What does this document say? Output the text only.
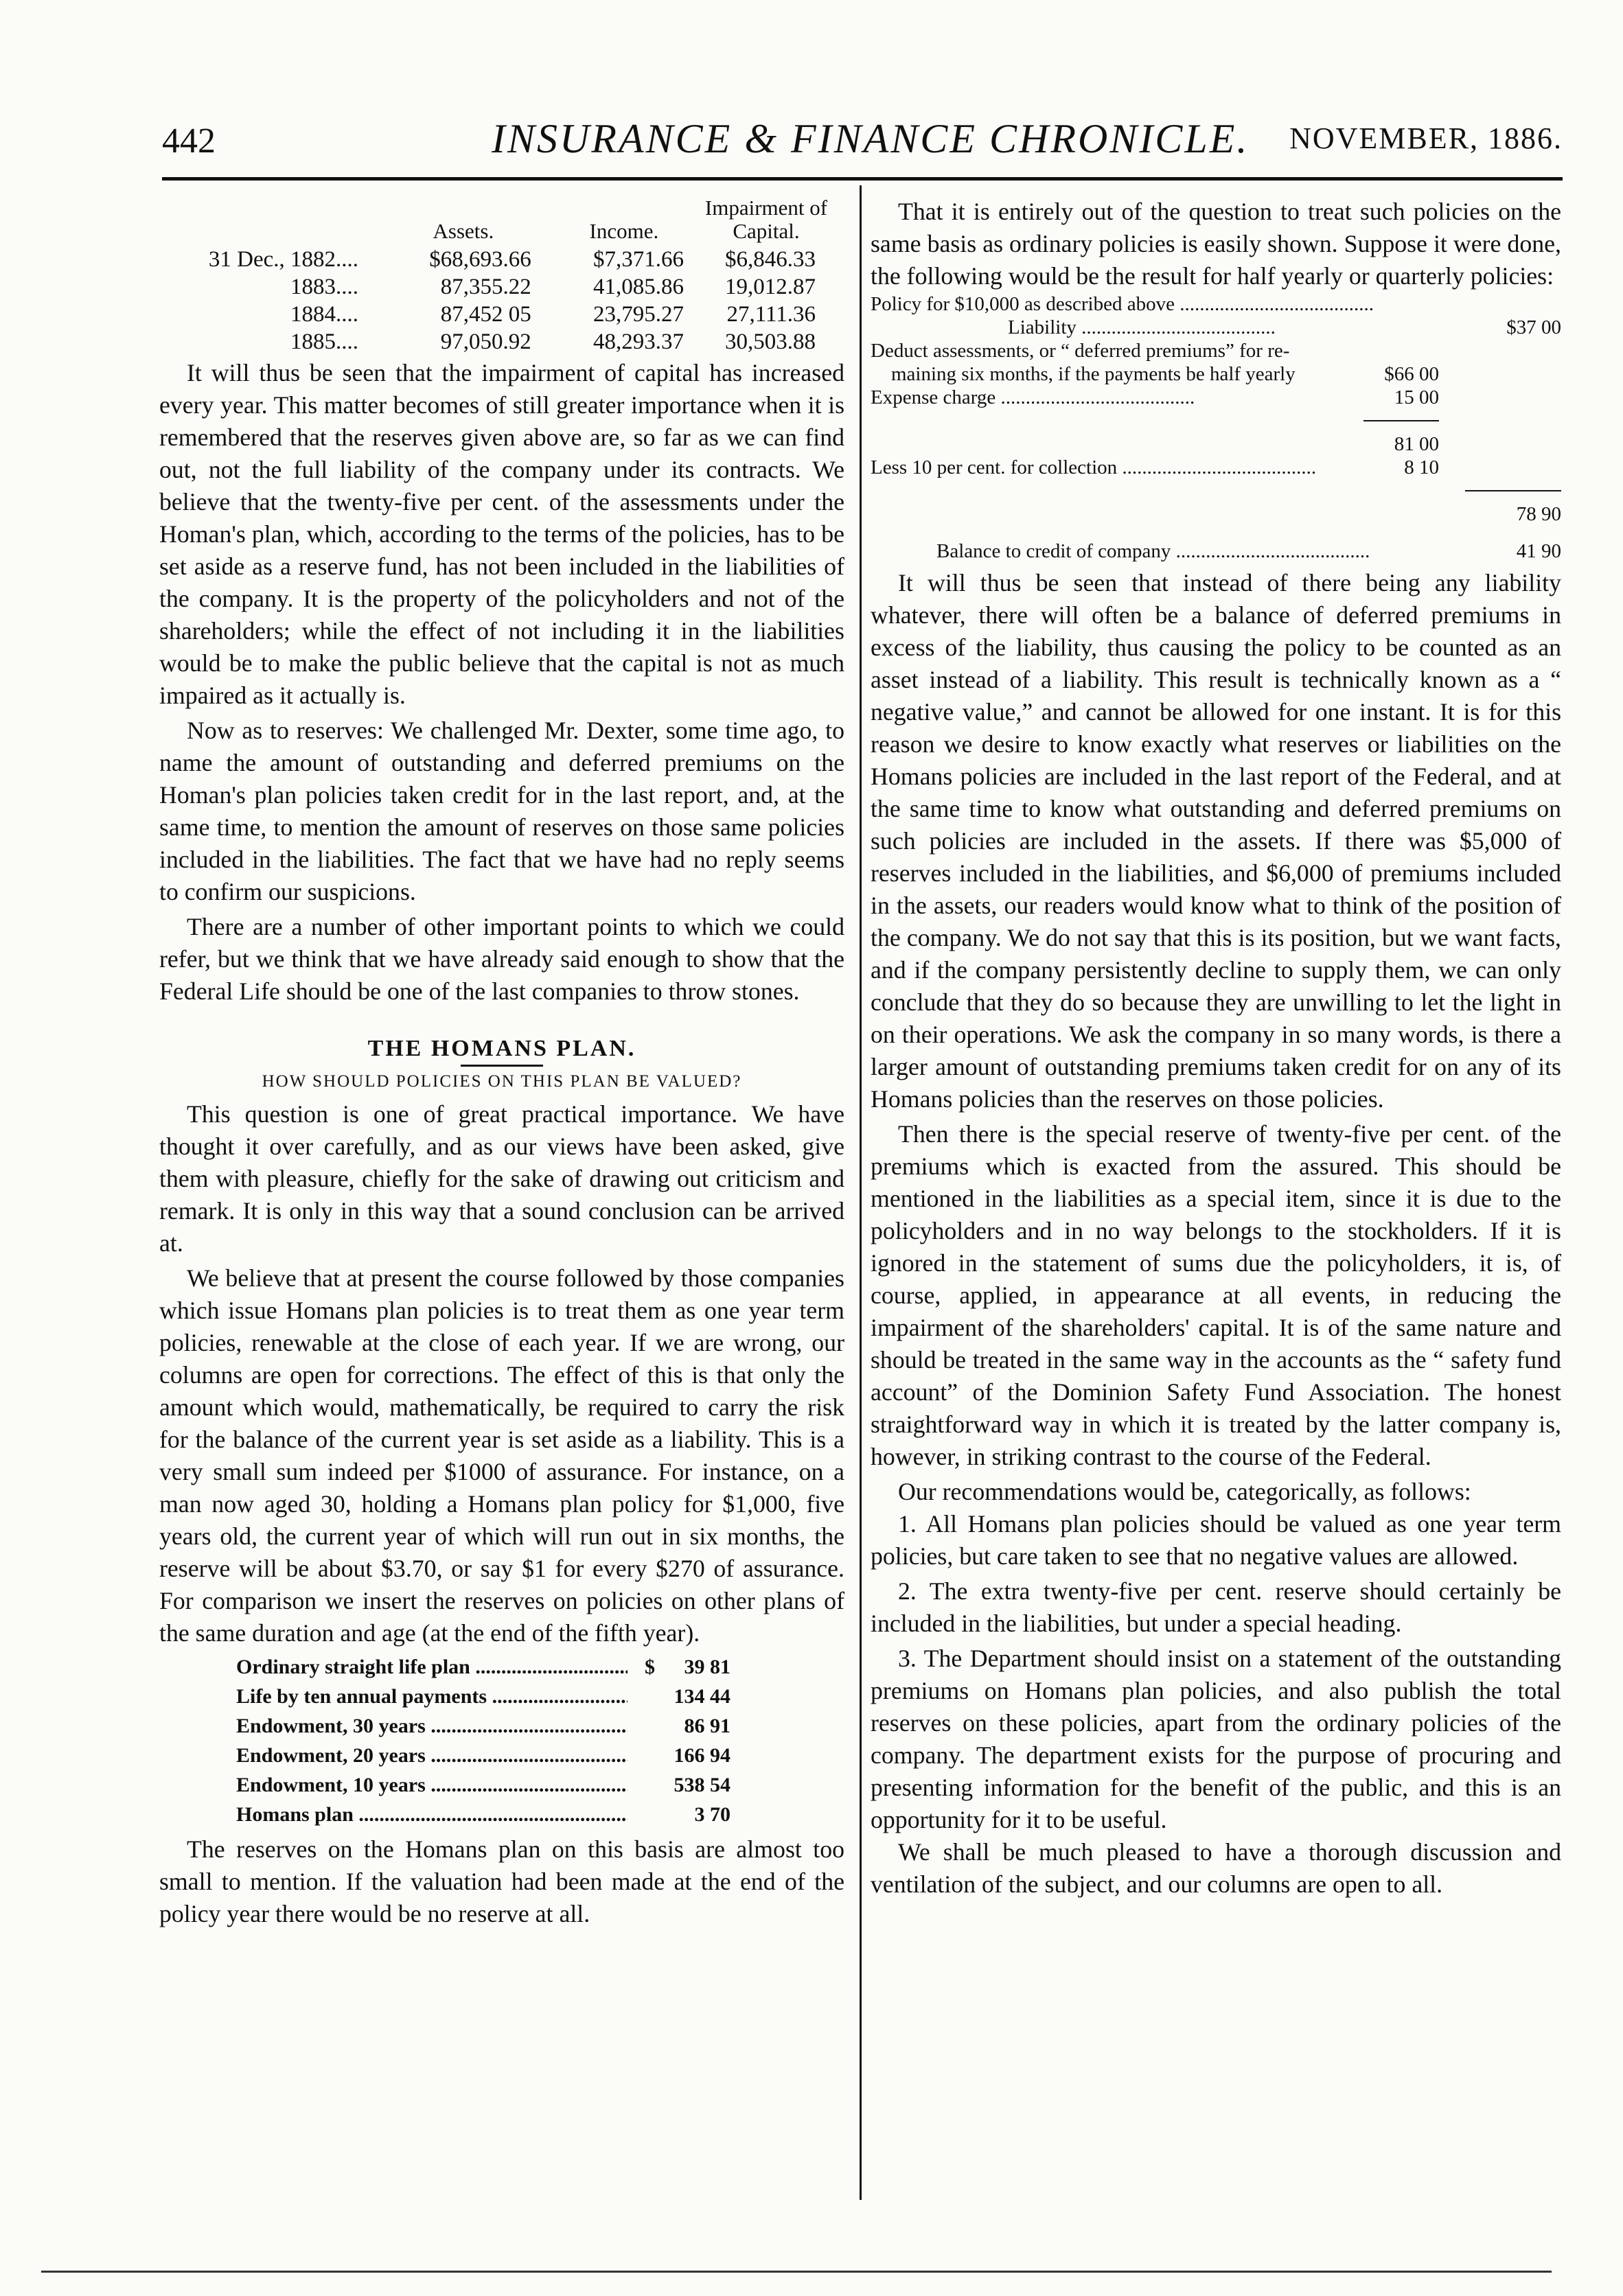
442	INSURANCE & FINANCE CHRONICLE. NOVEMBER, 1886.
	Assets.	Income.	Impairment of Capital.
31 Dec., 1882....	$68,693.66	$7,371.66	$6,846.33
1883....	87,355.22	41,085.86	19,012.87
1884....	87,452 05	23,795.27	27,111.36
1885....	97,050.92	48,293.37	30,503.88

It will thus be seen that the impairment of capital has increased every year. This matter becomes of still greater importance when it is remembered that the reserves given above are, so far as we can find out, not the full liability of the company under its contracts. We believe that the twenty-five per cent. of the assessments under the Homan's plan, which, according to the terms of the policies, has to be set aside as a reserve fund, has not been included in the liabilities of the company. It is the property of the policyholders and not of the shareholders; while the effect of not including it in the liabilities would be to make the public believe that the capital is not as much impaired as it actually is.

Now as to reserves: We challenged Mr. Dexter, some time ago, to name the amount of outstanding and deferred premiums on the Homan's plan policies taken credit for in the last report, and, at the same time, to mention the amount of reserves on those same policies included in the liabilities. The fact that we have had no reply seems to confirm our suspicions.

There are a number of other important points to which we could refer, but we think that we have already said enough to show that the Federal Life should be one of the last companies to throw stones.

THE HOMANS PLAN.
HOW SHOULD POLICIES ON THIS PLAN BE VALUED?

This question is one of great practical importance. We have thought it over carefully, and as our views have been asked, give them with pleasure, chiefly for the sake of drawing out criticism and remark. It is only in this way that a sound conclusion can be arrived at.

We believe that at present the course followed by those companies which issue Homans plan policies is to treat them as one year term policies, renewable at the close of each year. If we are wrong, our columns are open for corrections. The effect of this is that only the amount which would, mathematically, be required to carry the risk for the balance of the current year is set aside as a liability. This is a very small sum indeed per $1000 of assurance. For instance, on a man now aged 30, holding a Homans plan policy for $1,000, five years old, the current year of which will run out in six months, the reserve will be about $3.70, or say $1 for every $270 of assurance. For comparison we insert the reserves on policies on other plans of the same duration and age (at the end of the fifth year).

Ordinary straight life plan .....	$	39 81
Life by ten annual payments .....	134 44
Endowment, 30 years .....	86 91
Endowment, 20 years .....	166 94
Endowment, 10 years .....	538 54
Homans plan .....	3 70

The reserves on the Homans plan on this basis are almost too small to mention. If the valuation had been made at the end of the policy year there would be no reserve at all.

That it is entirely out of the question to treat such policies on the same basis as ordinary policies is easily shown. Suppose it were done, the following would be the result for half yearly or quarterly policies:

Policy for $10,000 as described above .....
Liability .....	$37 00
Deduct assessments, or “ deferred premiums” for re-
maining six months, if the payments be half yearly	$66 00
Expense charge .....	15 00
81 00
Less 10 per cent. for collection .....	8 10
78 90
Balance to credit of company .....	41 90

It will thus be seen that instead of there being any liability whatever, there will often be a balance of deferred premiums in excess of the liability, thus causing the policy to be counted as an asset instead of a liability. This result is technically known as a “ negative value,” and cannot be allowed for one instant. It is for this reason we desire to know exactly what reserves or liabilities on the Homans policies are included in the last report of the Federal, and at the same time to know what outstanding and deferred premiums on such policies are included in the assets. If there was $5,000 of reserves included in the liabilities, and $6,000 of premiums included in the assets, our readers would know what to think of the position of the company. We do not say that this is its position, but we want facts, and if the company persistently decline to supply them, we can only conclude that they do so because they are unwilling to let the light in on their operations. We ask the company in so many words, is there a larger amount of outstanding premiums taken credit for on any of its Homans policies than the reserves on those policies.

Then there is the special reserve of twenty-five per cent. of the premiums which is exacted from the assured. This should be mentioned in the liabilities as a special item, since it is due to the policyholders and in no way belongs to the stockholders. If it is ignored in the statement of sums due the policyholders, it is, of course, applied, in appearance at all events, in reducing the impairment of the shareholders' capital. It is of the same nature and should be treated in the same way in the accounts as the “ safety fund account” of the Dominion Safety Fund Association. The honest straightforward way in which it is treated by the latter company is, however, in striking contrast to the course of the Federal.

Our recommendations would be, categorically, as follows:

1. All Homans plan policies should be valued as one year term policies, but care taken to see that no negative values are allowed.

2. The extra twenty-five per cent. reserve should certainly be included in the liabilities, but under a special heading.

3. The Department should insist on a statement of the outstanding premiums on Homans plan policies, and also publish the total reserves on these policies, apart from the ordinary policies of the company. The department exists for the purpose of procuring and presenting information for the benefit of the public, and this is an opportunity for it to be useful.

We shall be much pleased to have a thorough discussion and ventilation of the subject, and our columns are open to all.
